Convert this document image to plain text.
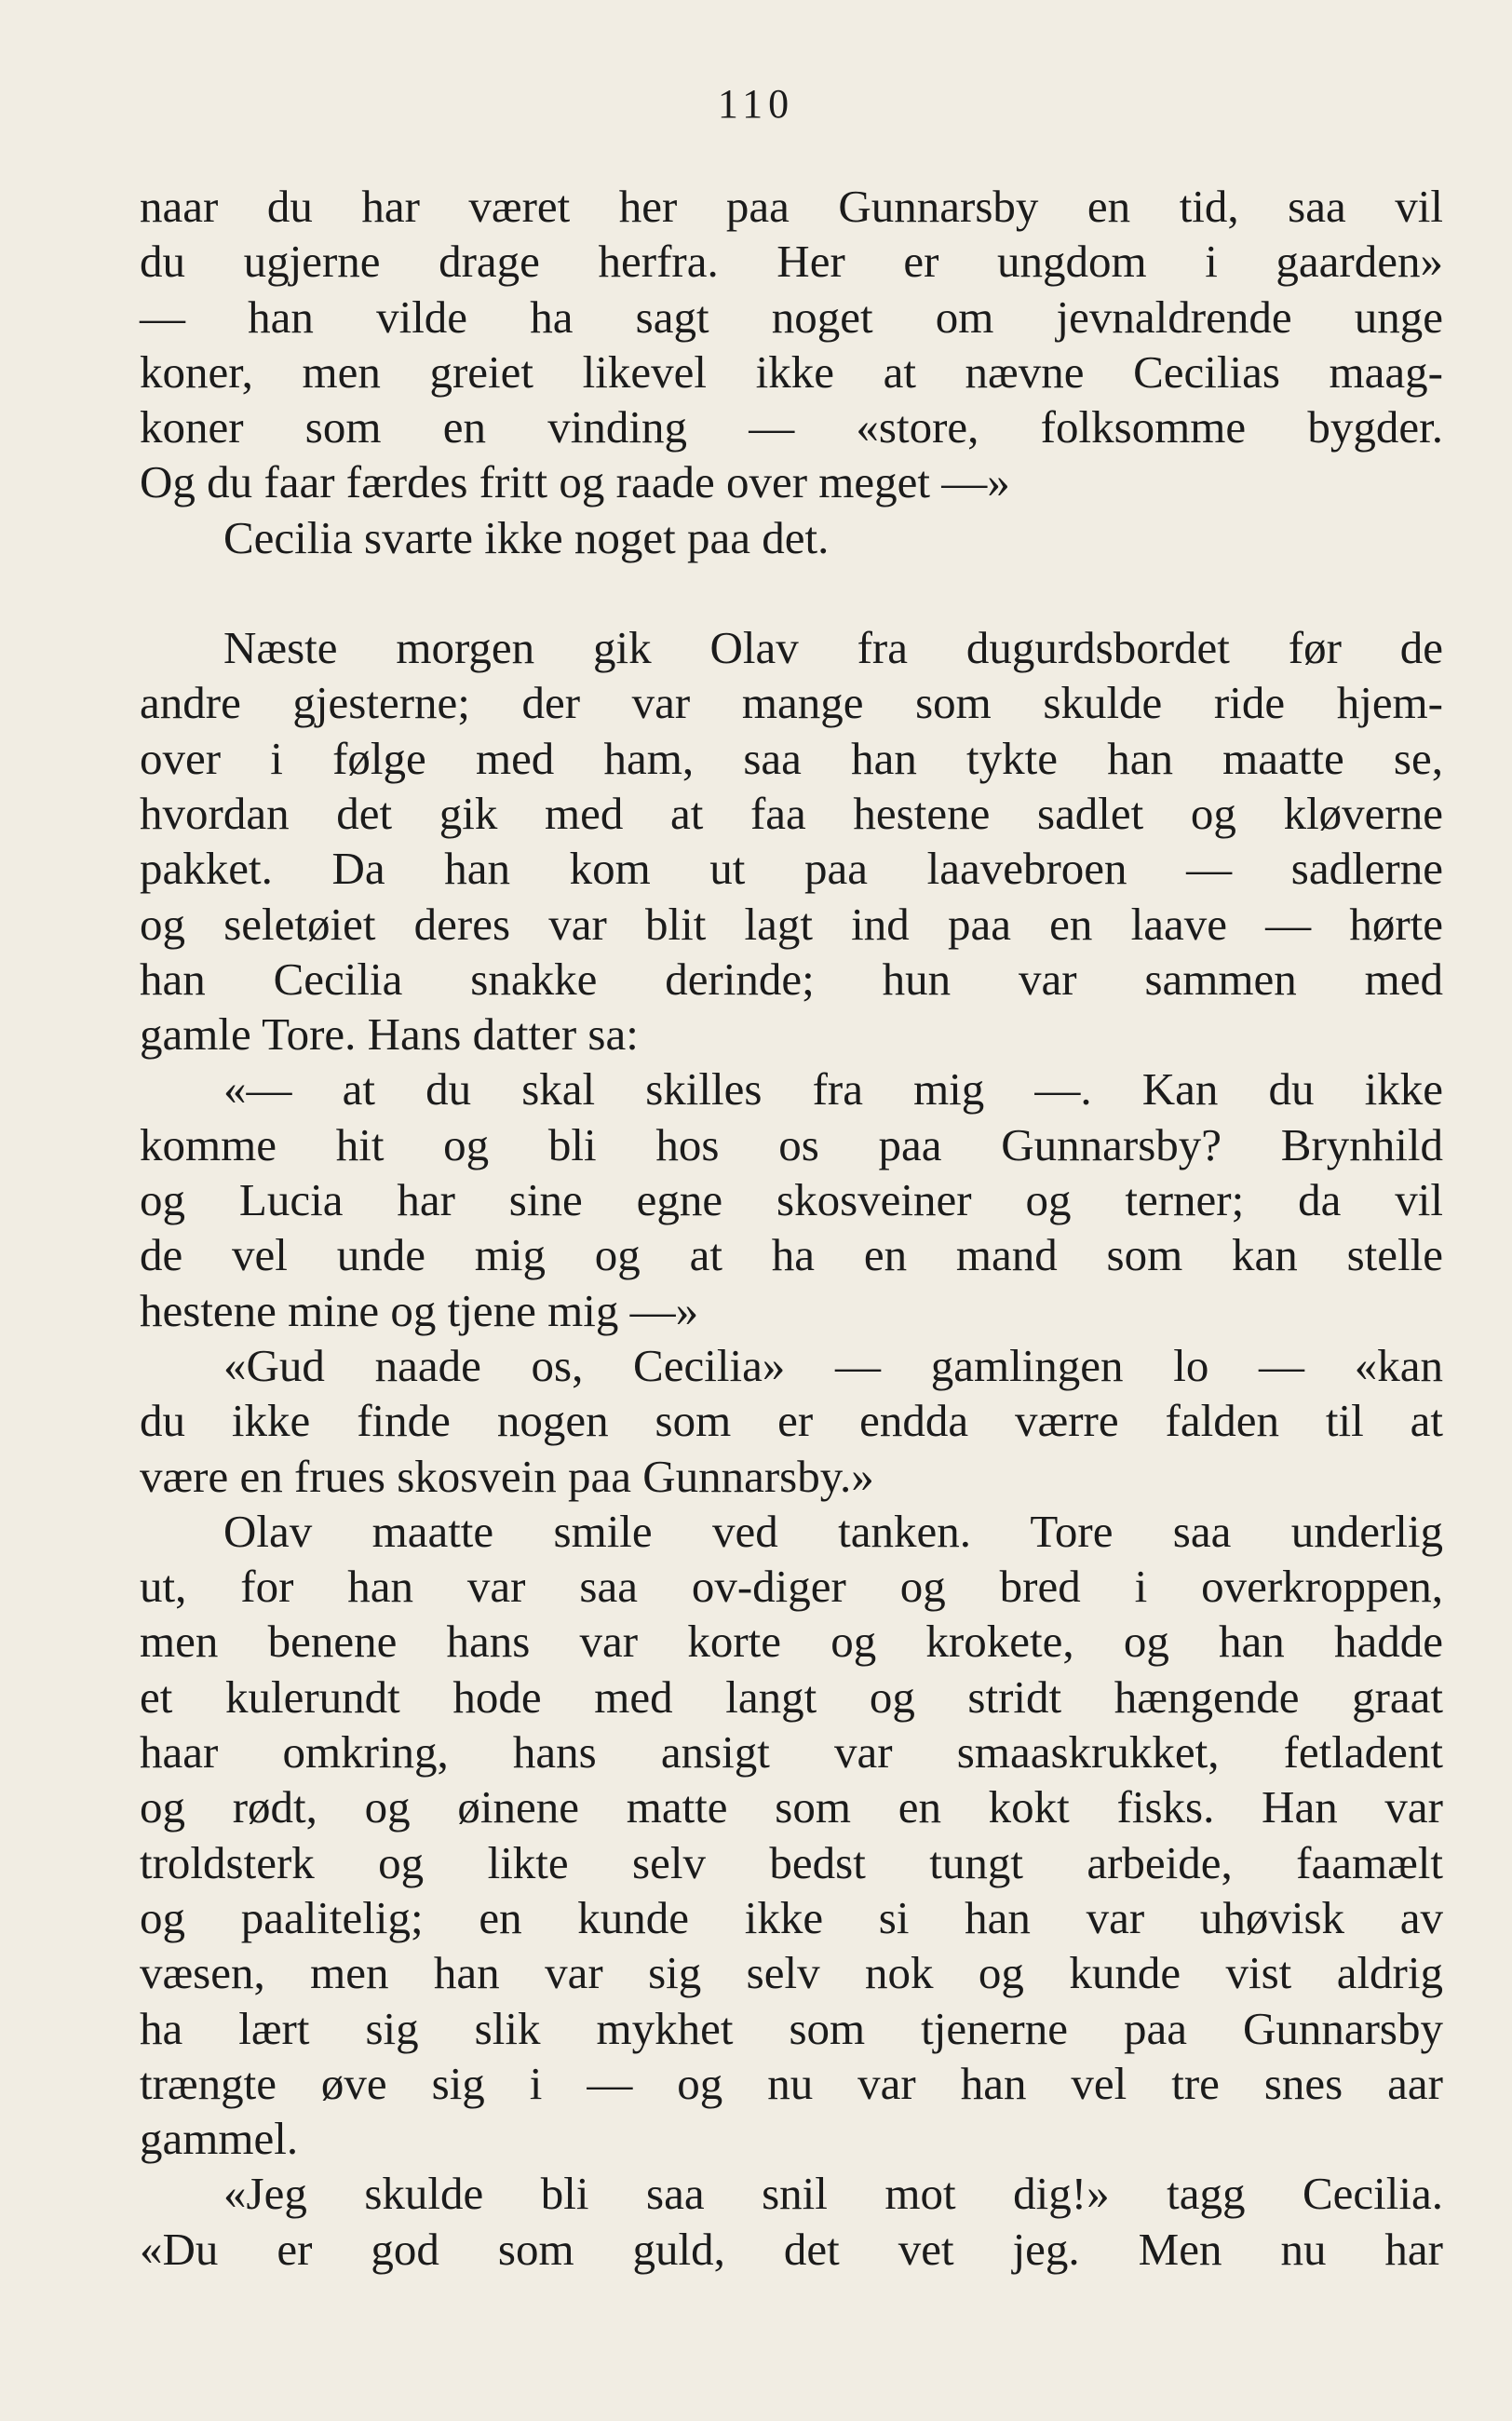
110
naar du har været her paa Gunnarsby en tid, saa vil
du ugjerne drage herfra. Her er ungdom i gaarden»
— han vilde ha sagt noget om jevnaldrende unge
koner, men greiet likevel ikke at nævne Cecilias maag-
koner som en vinding — «store, folksomme bygder.
Og du faar færdes fritt og raade over meget —»
Cecilia svarte ikke noget paa det.
Næste morgen gik Olav fra dugurdsbordet før de
andre gjesterne; der var mange som skulde ride hjem-
over i følge med ham, saa han tykte han maatte se,
hvordan det gik med at faa hestene sadlet og kløverne
pakket. Da han kom ut paa laavebroen — sadlerne
og seletøiet deres var blit lagt ind paa en laave — hørte
han Cecilia snakke derinde; hun var sammen med
gamle Tore. Hans datter sa:
«— at du skal skilles fra mig —. Kan du ikke
komme hit og bli hos os paa Gunnarsby? Brynhild
og Lucia har sine egne skosveiner og terner; da vil
de vel unde mig og at ha en mand som kan stelle
hestene mine og tjene mig —»
«Gud naade os, Cecilia» — gamlingen lo — «kan
du ikke finde nogen som er endda værre falden til at
være en frues skosvein paa Gunnarsby.»
Olav maatte smile ved tanken. Tore saa underlig
ut, for han var saa ov-diger og bred i overkroppen,
men benene hans var korte og krokete, og han hadde
et kulerundt hode med langt og stridt hængende graat
haar omkring, hans ansigt var smaaskrukket, fetladent
og rødt, og øinene matte som en kokt fisks. Han var
troldsterk og likte selv bedst tungt arbeide, faamælt
og paalitelig; en kunde ikke si han var uhøvisk av
væsen, men han var sig selv nok og kunde vist aldrig
ha lært sig slik mykhet som tjenerne paa Gunnarsby
trængte øve sig i — og nu var han vel tre snes aar
gammel.
«Jeg skulde bli saa snil mot dig!» tagg Cecilia.
«Du er god som guld, det vet jeg. Men nu har
